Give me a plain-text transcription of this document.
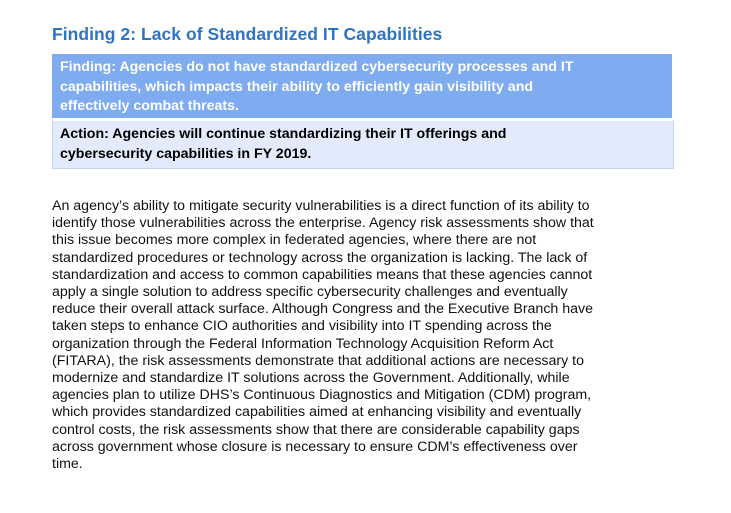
Finding 2: Lack of Standardized IT Capabilities
Finding: Agencies do not have standardized cybersecurity processes and IT
capabilities, which impacts their ability to efficiently gain visibility and
effectively combat threats.
Action: Agencies will continue standardizing their IT offerings and
cybersecurity capabilities in FY 2019.

An agency’s ability to mitigate security vulnerabilities is a direct function of its ability to
identify those vulnerabilities across the enterprise. Agency risk assessments show that
this issue becomes more complex in federated agencies, where there are not
standardized procedures or technology across the organization is lacking. The lack of
standardization and access to common capabilities means that these agencies cannot
apply a single solution to address specific cybersecurity challenges and eventually
reduce their overall attack surface. Although Congress and the Executive Branch have
taken steps to enhance CIO authorities and visibility into IT spending across the
organization through the Federal Information Technology Acquisition Reform Act
(FITARA), the risk assessments demonstrate that additional actions are necessary to
modernize and standardize IT solutions across the Government. Additionally, while
agencies plan to utilize DHS’s Continuous Diagnostics and Mitigation (CDM) program,
which provides standardized capabilities aimed at enhancing visibility and eventually
control costs, the risk assessments show that there are considerable capability gaps
across government whose closure is necessary to ensure CDM’s effectiveness over
time.
